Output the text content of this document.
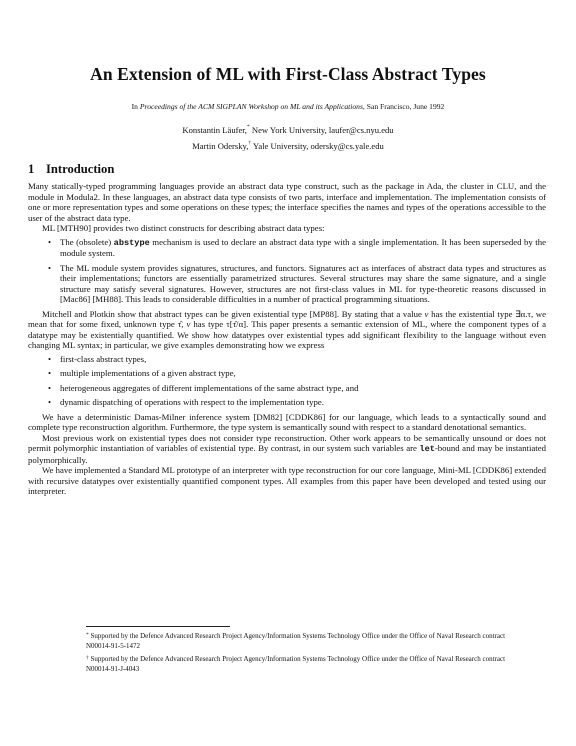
An Extension of ML with First-Class Abstract Types
In Proceedings of the ACM SIGPLAN Workshop on ML and its Applications, San Francisco, June 1992
Konstantin Läufer,* New York University, laufer@cs.nyu.edu
Martin Odersky,† Yale University, odersky@cs.yale.edu
1 Introduction

Many statically-typed programming languages provide an abstract data type construct, such as the package in Ada, the cluster in CLU, and the module in Modula2. In these languages, an abstract data type consists of two parts, interface and implementation. The implementation consists of one or more representation types and some operations on these types; the interface specifies the names and types of the operations accessible to the user of the abstract data type.

ML [MTH90] provides two distinct constructs for describing abstract data types:

• The (obsolete) abstype mechanism is used to declare an abstract data type with a single implementation. It has been superseded by the module system.
• The ML module system provides signatures, structures, and functors. Signatures act as interfaces of abstract data types and structures as their implementations; functors are essentially parametrized structures. Several structures may share the same signature, and a single structure may satisfy several signatures. However, structures are not first-class values in ML for type-theoretic reasons discussed in [Mac86] [MH88]. This leads to considerable difficulties in a number of practical programming situations.

Mitchell and Plotkin show that abstract types can be given existential type [MP88]. By stating that a value v has the existential type ∃α.τ, we mean that for some fixed, unknown type τ̂, v has type τ[τ̂/α]. This paper presents a semantic extension of ML, where the component types of a datatype may be existentially quantified. We show how datatypes over existential types add significant flexibility to the language without even changing ML syntax; in particular, we give examples demonstrating how we express

• first-class abstract types,
• multiple implementations of a given abstract type,
• heterogeneous aggregates of different implementations of the same abstract type, and
• dynamic dispatching of operations with respect to the implementation type.

We have a deterministic Damas-Milner inference system [DM82] [CDDK86] for our language, which leads to a syntactically sound and complete type reconstruction algorithm. Furthermore, the type system is semantically sound with respect to a standard denotational semantics.

Most previous work on existential types does not consider type reconstruction. Other work appears to be semantically unsound or does not permit polymorphic instantiation of variables of existential type. By contrast, in our system such variables are let-bound and may be instantiated polymorphically.

We have implemented a Standard ML prototype of an interpreter with type reconstruction for our core language, Mini-ML [CDDK86] extended with recursive datatypes over existentially quantified component types. All examples from this paper have been developed and tested using our interpreter.

* Supported by the Defence Advanced Research Project Agency/Information Systems Technology Office under the Office of Naval Research contract N00014-91-5-1472
† Supported by the Defence Advanced Research Project Agency/Information Systems Technology Office under the Office of Naval Research contract N00014-91-J-4043
